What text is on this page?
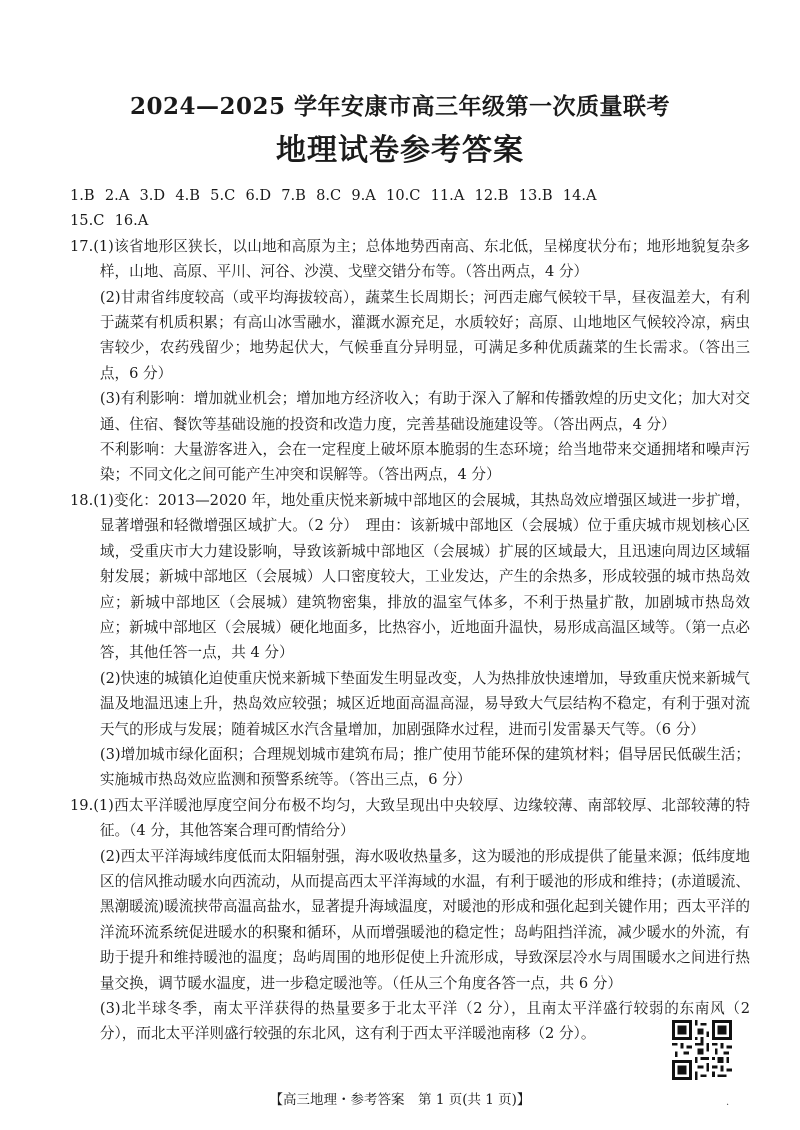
2024—2025 学年安康市高三年级第一次质量联考
地理试卷参考答案
1.B 2.A 3.D 4.B 5.C 6.D 7.B 8.C 9.A 10.C 11.A 12.B 13.B 14.A
15.C 16.A
17.(1)该省地形区狭长，以山地和高原为主；总体地势西南高、东北低，呈梯度状分布；地形地貌复杂多样，山地、高原、平川、河谷、沙漠、戈壁交错分布等。（答出两点，4 分）
(2)甘肃省纬度较高（或平均海拔较高），蔬菜生长周期长；河西走廊气候较干旱，昼夜温差大，有利于蔬菜有机质积累；有高山冰雪融水，灌溉水源充足，水质较好；高原、山地地区气候较冷凉，病虫害较少，农药残留少；地势起伏大，气候垂直分异明显，可满足多种优质蔬菜的生长需求。（答出三点，6 分）
(3)有利影响：增加就业机会；增加地方经济收入；有助于深入了解和传播敦煌的历史文化；加大对交通、住宿、餐饮等基础设施的投资和改造力度，完善基础设施建设等。（答出两点，4 分）
不利影响：大量游客进入，会在一定程度上破坏原本脆弱的生态环境；给当地带来交通拥堵和噪声污染；不同文化之间可能产生冲突和误解等。（答出两点，4 分）
18.(1)变化：2013—2020 年，地处重庆悦来新城中部地区的会展城，其热岛效应增强区域进一步扩增，显著增强和轻微增强区域扩大。（2 分）　理由：该新城中部地区（会展城）位于重庆城市规划核心区域，受重庆市大力建设影响，导致该新城中部地区（会展城）扩展的区域最大，且迅速向周边区域辐射发展；新城中部地区（会展城）人口密度较大，工业发达，产生的余热多，形成较强的城市热岛效应；新城中部地区（会展城）建筑物密集，排放的温室气体多，不利于热量扩散，加剧城市热岛效应；新城中部地区（会展城）硬化地面多，比热容小，近地面升温快，易形成高温区域等。（第一点必答，其他任答一点，共 4 分）
(2)快速的城镇化迫使重庆悦来新城下垫面发生明显改变，人为热排放快速增加，导致重庆悦来新城气温及地温迅速上升，热岛效应较强；城区近地面高温高湿，易导致大气层结构不稳定，有利于强对流天气的形成与发展；随着城区水汽含量增加，加剧强降水过程，进而引发雷暴天气等。（6 分）
(3)增加城市绿化面积；合理规划城市建筑布局；推广使用节能环保的建筑材料；倡导居民低碳生活；实施城市热岛效应监测和预警系统等。（答出三点，6 分）
19.(1)西太平洋暖池厚度空间分布极不均匀，大致呈现出中央较厚、边缘较薄、南部较厚、北部较薄的特征。（4 分，其他答案合理可酌情给分）
(2)西太平洋海域纬度低而太阳辐射强，海水吸收热量多，这为暖池的形成提供了能量来源；低纬度地区的信风推动暖水向西流动，从而提高西太平洋海域的水温，有利于暖池的形成和维持；(赤道暖流、黑潮暖流)暖流挟带高温高盐水，显著提升海域温度，对暖池的形成和强化起到关键作用；西太平洋的洋流环流系统促进暖水的积聚和循环，从而增强暖池的稳定性；岛屿阻挡洋流，减少暖水的外流，有助于提升和维持暖池的温度；岛屿周围的地形促使上升流形成，导致深层冷水与周围暖水之间进行热量交换，调节暖水温度，进一步稳定暖池等。（任从三个角度各答一点，共 6 分）
(3)北半球冬季，南太平洋获得的热量要多于北太平洋（2 分），且南太平洋盛行较弱的东南风（2 分），而北太平洋则盛行较强的东北风，这有利于西太平洋暖池南移（2 分）。
【高三地理・参考答案　第 1 页(共 1 页)】	·
